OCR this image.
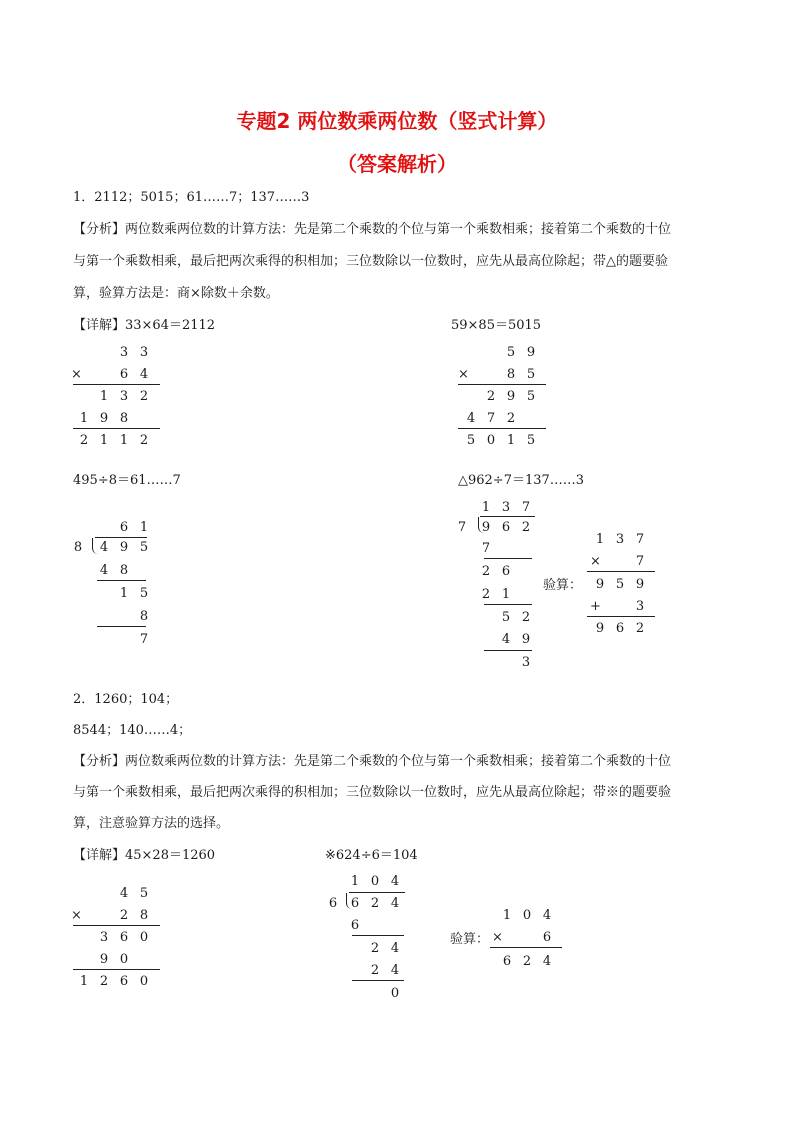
专题2 两位数乘两位数（竖式计算）
（答案解析）
1．2112；5015；61……7；137……3
【分析】两位数乘两位数的计算方法：先是第二个乘数的个位与第一个乘数相乘；接着第二个乘数的十位
与第一个乘数相乘，最后把两次乘得的积相加；三位数除以一位数时，应先从最高位除起；带△的题要验
算，验算方法是：商×除数＋余数。
【详解】33×64＝2112	59×85＝5015
×
3 3
6 4
1 3 2
1 9 8
2 1 1 2
×
5 9
8 5
2 9 5
4 7 2
5 0 1 5
495÷8＝61……7	△962÷7＝137……3
8
6 1
4 9 5
4 8
1 5
8
7
7
1 3 7
9 6 2
7
2 6
2 1
5 2
4 9
3
验算：
×
+
1 3 7
7
9 5 9
3
9 6 2
2．1260；104；
8544；140……4；
【分析】两位数乘两位数的计算方法：先是第二个乘数的个位与第一个乘数相乘；接着第二个乘数的十位
与第一个乘数相乘，最后把两次乘得的积相加；三位数除以一位数时，应先从最高位除起；带※的题要验
算，注意验算方法的选择。
【详解】45×28＝1260	※624÷6＝104
×
4 5
2 8
3 6 0
9 0
1 2 6 0
6
1 0 4
6 2 4
6
2 4
2 4
0
验算： ×
1 0 4
6
6 2 4
